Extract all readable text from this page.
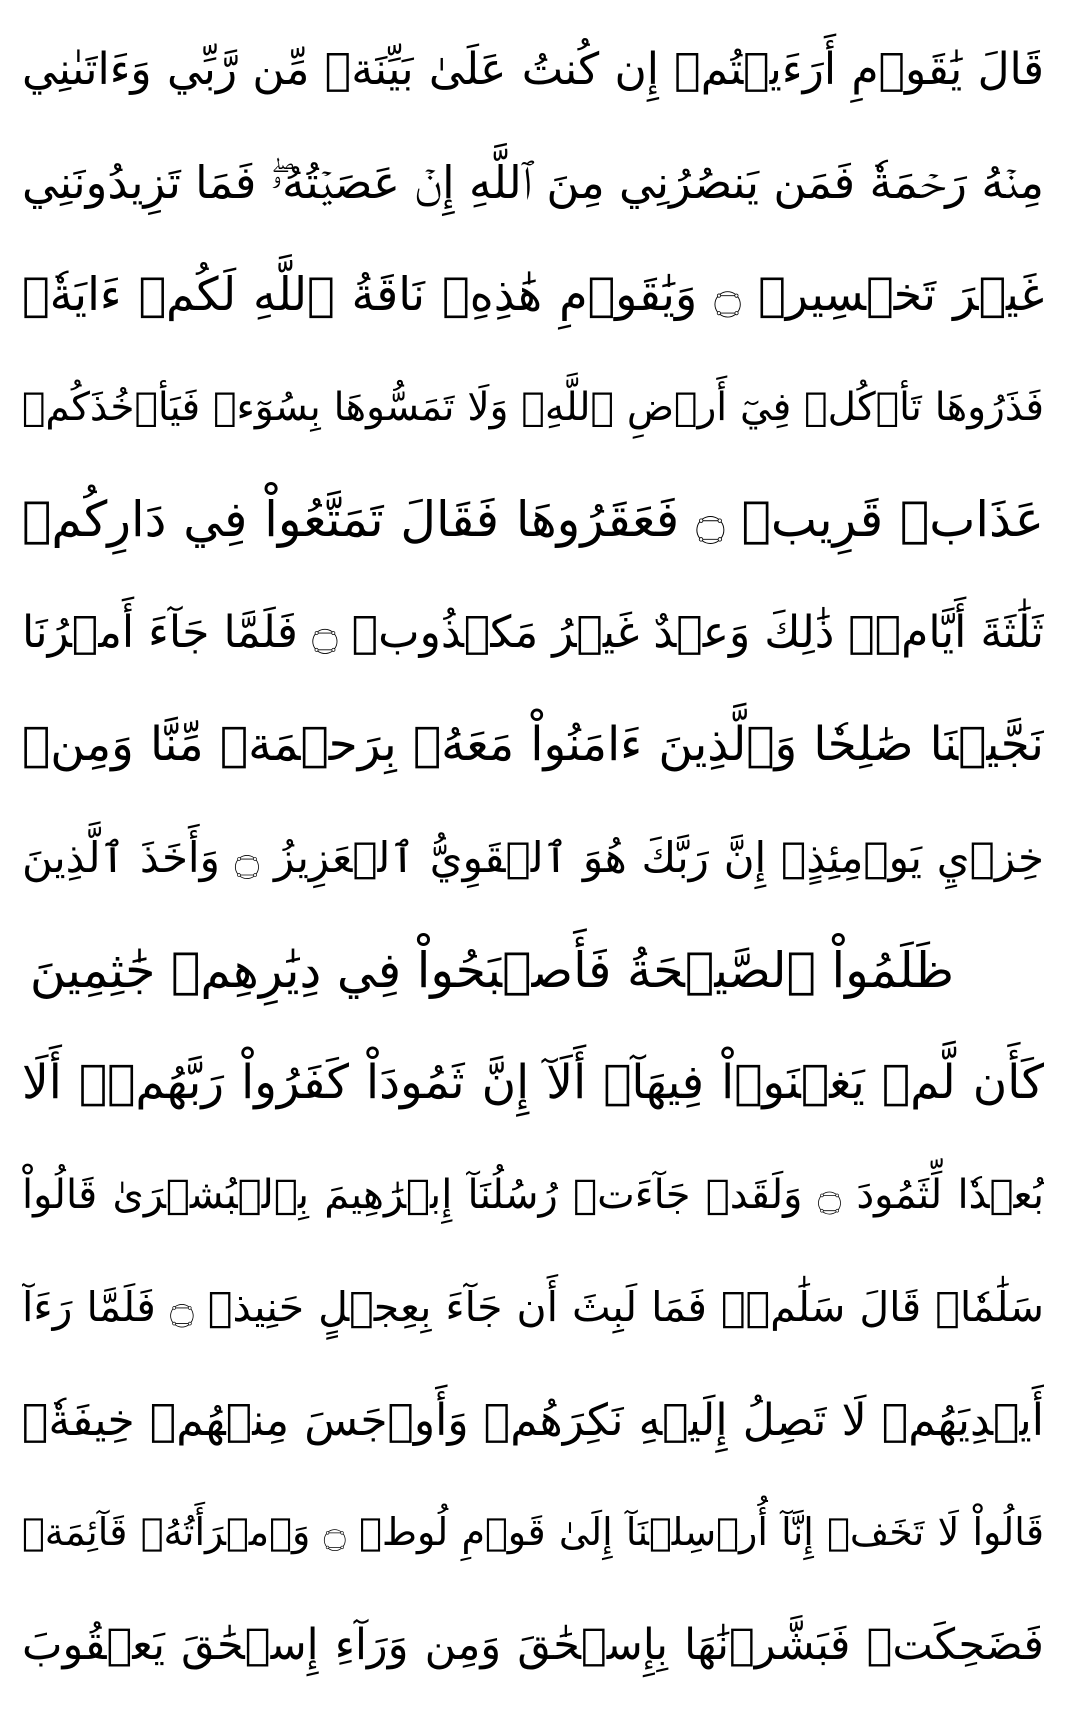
قَالَ يَٰقَوۡمِ أَرَءَيۡتُمۡ إِن كُنتُ عَلَىٰ بَيِّنَةٖ مِّن رَّبِّي وَءَاتَىٰنِي
مِنۡهُ رَحۡمَةٗ فَمَن يَنصُرُنِي مِنَ ٱللَّهِ إِنۡ عَصَيۡتُهُۥۖ فَمَا تَزِيدُونَنِي
غَيۡرَ تَخۡسِيرٖ ۝ وَيَٰقَوۡمِ هَٰذِهِۦ نَاقَةُ ٱللَّهِ لَكُمۡ ءَايَةٗۖ
فَذَرُوهَا تَأۡكُلۡ فِيٓ أَرۡضِ ٱللَّهِۖ وَلَا تَمَسُّوهَا بِسُوٓءٖ فَيَأۡخُذَكُمۡ
عَذَابٞ قَرِيبٞ ۝ فَعَقَرُوهَا فَقَالَ تَمَتَّعُواْ فِي دَارِكُمۡ
ثَلَٰثَةَ أَيَّامٖۖ ذَٰلِكَ وَعۡدٌ غَيۡرُ مَكۡذُوبٖ ۝ فَلَمَّا جَآءَ أَمۡرُنَا
نَجَّيۡنَا صَٰلِحٗا وَٱلَّذِينَ ءَامَنُواْ مَعَهُۥ بِرَحۡمَةٖ مِّنَّا وَمِنۡ
خِزۡيِ يَوۡمِئِذٍۚ إِنَّ رَبَّكَ هُوَ ٱلۡقَوِيُّ ٱلۡعَزِيزُ ۝ وَأَخَذَ ٱلَّذِينَ
ظَلَمُواْ ٱلصَّيۡحَةُ فَأَصۡبَحُواْ فِي دِيَٰرِهِمۡ جَٰثِمِينَ
كَأَن لَّمۡ يَغۡنَوۡاْ فِيهَآۗ أَلَآ إِنَّ ثَمُودَاْ كَفَرُواْ رَبَّهُمۡۗ أَلَا
بُعۡدٗا لِّثَمُودَ ۝ وَلَقَدۡ جَآءَتۡ رُسُلُنَآ إِبۡرَٰهِيمَ بِٱلۡبُشۡرَىٰ قَالُواْ
سَلَٰمٗاۖ قَالَ سَلَٰمٞۖ فَمَا لَبِثَ أَن جَآءَ بِعِجۡلٍ حَنِيذٖ ۝ فَلَمَّا رَءَآ
أَيۡدِيَهُمۡ لَا تَصِلُ إِلَيۡهِ نَكِرَهُمۡ وَأَوۡجَسَ مِنۡهُمۡ خِيفَةٗۚ
قَالُواْ لَا تَخَفۡ إِنَّآ أُرۡسِلۡنَآ إِلَىٰ قَوۡمِ لُوطٖ ۝ وَٱمۡرَأَتُهُۥ قَآئِمَةٞ
فَضَحِكَتۡ فَبَشَّرۡنَٰهَا بِإِسۡحَٰقَ وَمِن وَرَآءِ إِسۡحَٰقَ يَعۡقُوبَ
